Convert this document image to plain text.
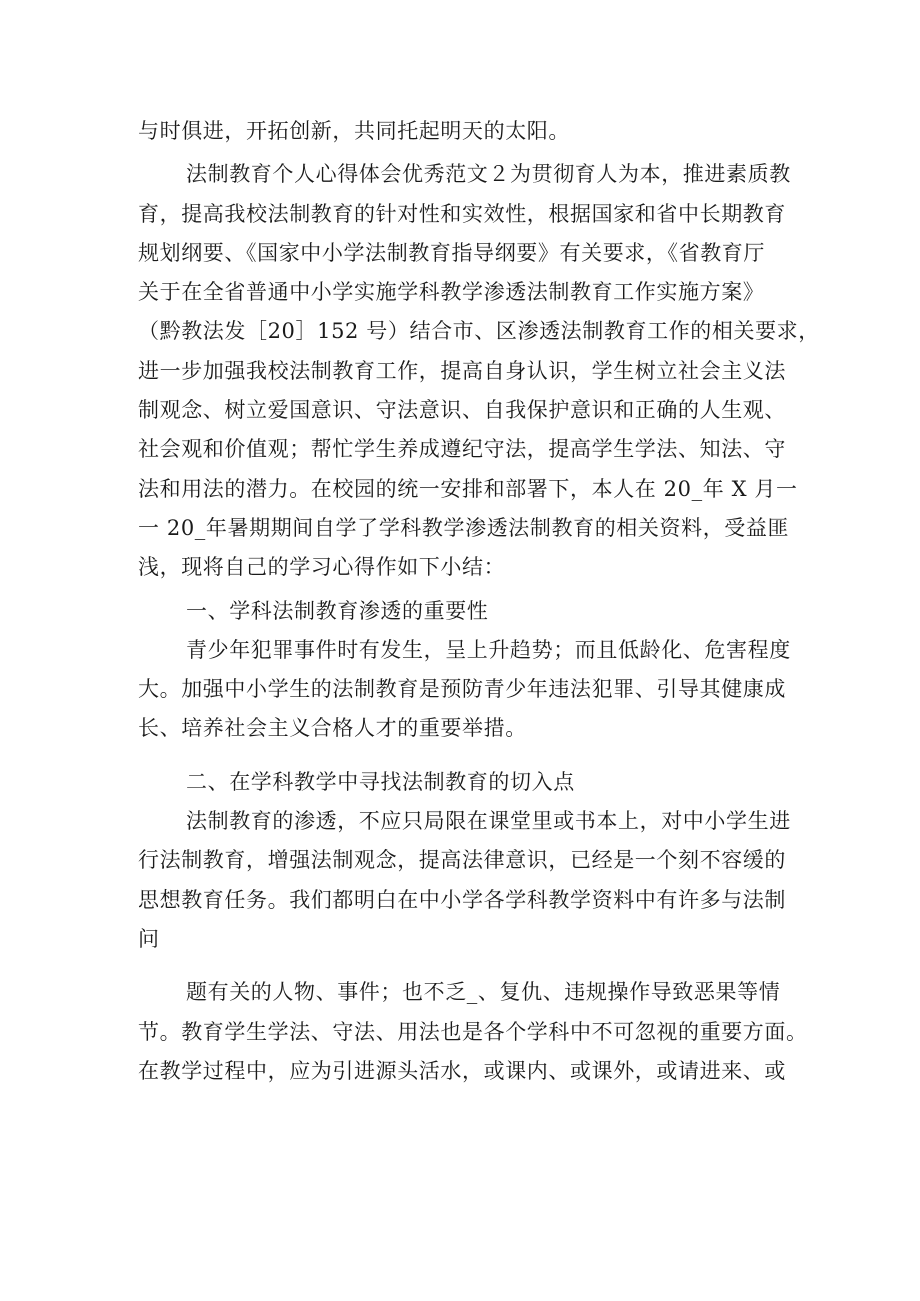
与时俱进，开拓创新，共同托起明天的太阳。
法制教育个人心得体会优秀范文２为贯彻育人为本，推进素质教
育，提高我校法制教育的针对性和实效性，根据国家和省中长期教育
规划纲要、《国家中小学法制教育指导纲要》有关要求，《省教育厅
关于在全省普通中小学实施学科教学渗透法制教育工作实施方案》
（黔教法发［20］152 号）结合市、区渗透法制教育工作的相关要求，
进一步加强我校法制教育工作，提高自身认识，学生树立社会主义法
制观念、树立爱国意识、守法意识、自我保护意识和正确的人生观、
社会观和价值观；帮忙学生养成遵纪守法，提高学生学法、知法、守
法和用法的潜力。在校园的统一安排和部署下，本人在 20_年 X 月一
一 20_年暑期期间自学了学科教学渗透法制教育的相关资料，受益匪
浅，现将自己的学习心得作如下小结：
一、学科法制教育渗透的重要性
青少年犯罪事件时有发生，呈上升趋势；而且低龄化、危害程度
大。加强中小学生的法制教育是预防青少年违法犯罪、引导其健康成
长、培养社会主义合格人才的重要举措。
二、在学科教学中寻找法制教育的切入点
法制教育的渗透，不应只局限在课堂里或书本上，对中小学生进
行法制教育，增强法制观念，提高法律意识，已经是一个刻不容缓的
思想教育任务。我们都明白在中小学各学科教学资料中有许多与法制
问
题有关的人物、事件；也不乏_、复仇、违规操作导致恶果等情
节。教育学生学法、守法、用法也是各个学科中不可忽视的重要方面。
在教学过程中，应为引进源头活水，或课内、或课外，或请进来、或
